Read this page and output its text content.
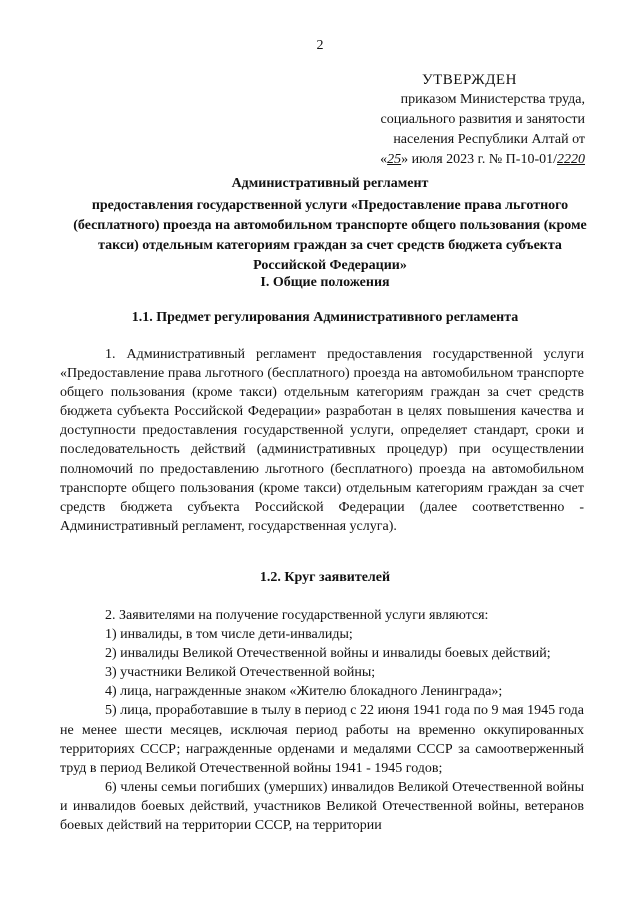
2
УТВЕРЖДЕН
приказом Министерства труда,
социального развития и занятости
населения Республики Алтай от
«25» июля 2023 г. № П-10-01/2220
Административный регламент
предоставления государственной услуги «Предоставление права льготного (бесплатного) проезда на автомобильном транспорте общего пользования (кроме такси) отдельным категориям граждан за счет средств бюджета субъекта Российской Федерации»
I. Общие положения
1.1. Предмет регулирования Административного регламента
1. Административный регламент предоставления государственной услуги «Предоставление права льготного (бесплатного) проезда на автомобильном транспорте общего пользования (кроме такси) отдельным категориям граждан за счет средств бюджета субъекта Российской Федерации» разработан в целях повышения качества и доступности предоставления государственной услуги, определяет стандарт, сроки и последовательность действий (административных процедур) при осуществлении полномочий по предоставлению льготного (бесплатного) проезда на автомобильном транспорте общего пользования (кроме такси) отдельным категориям граждан за счет средств бюджета субъекта Российской Федерации (далее соответственно - Административный регламент, государственная услуга).
1.2. Круг заявителей

2. Заявителями на получение государственной услуги являются:

1) инвалиды, в том числе дети-инвалиды;

2) инвалиды Великой Отечественной войны и инвалиды боевых действий;

3) участники Великой Отечественной войны;

4) лица, награжденные знаком «Жителю блокадного Ленинграда»;

5) лица, проработавшие в тылу в период с 22 июня 1941 года по 9 мая 1945 года не менее шести месяцев, исключая период работы на временно оккупированных территориях СССР; награжденные орденами и медалями СССР за самоотверженный труд в период Великой Отечественной войны 1941 - 1945 годов;

6) члены семьи погибших (умерших) инвалидов Великой Отечественной войны и инвалидов боевых действий, участников Великой Отечественной войны, ветеранов боевых действий на территории СССР, на территории
